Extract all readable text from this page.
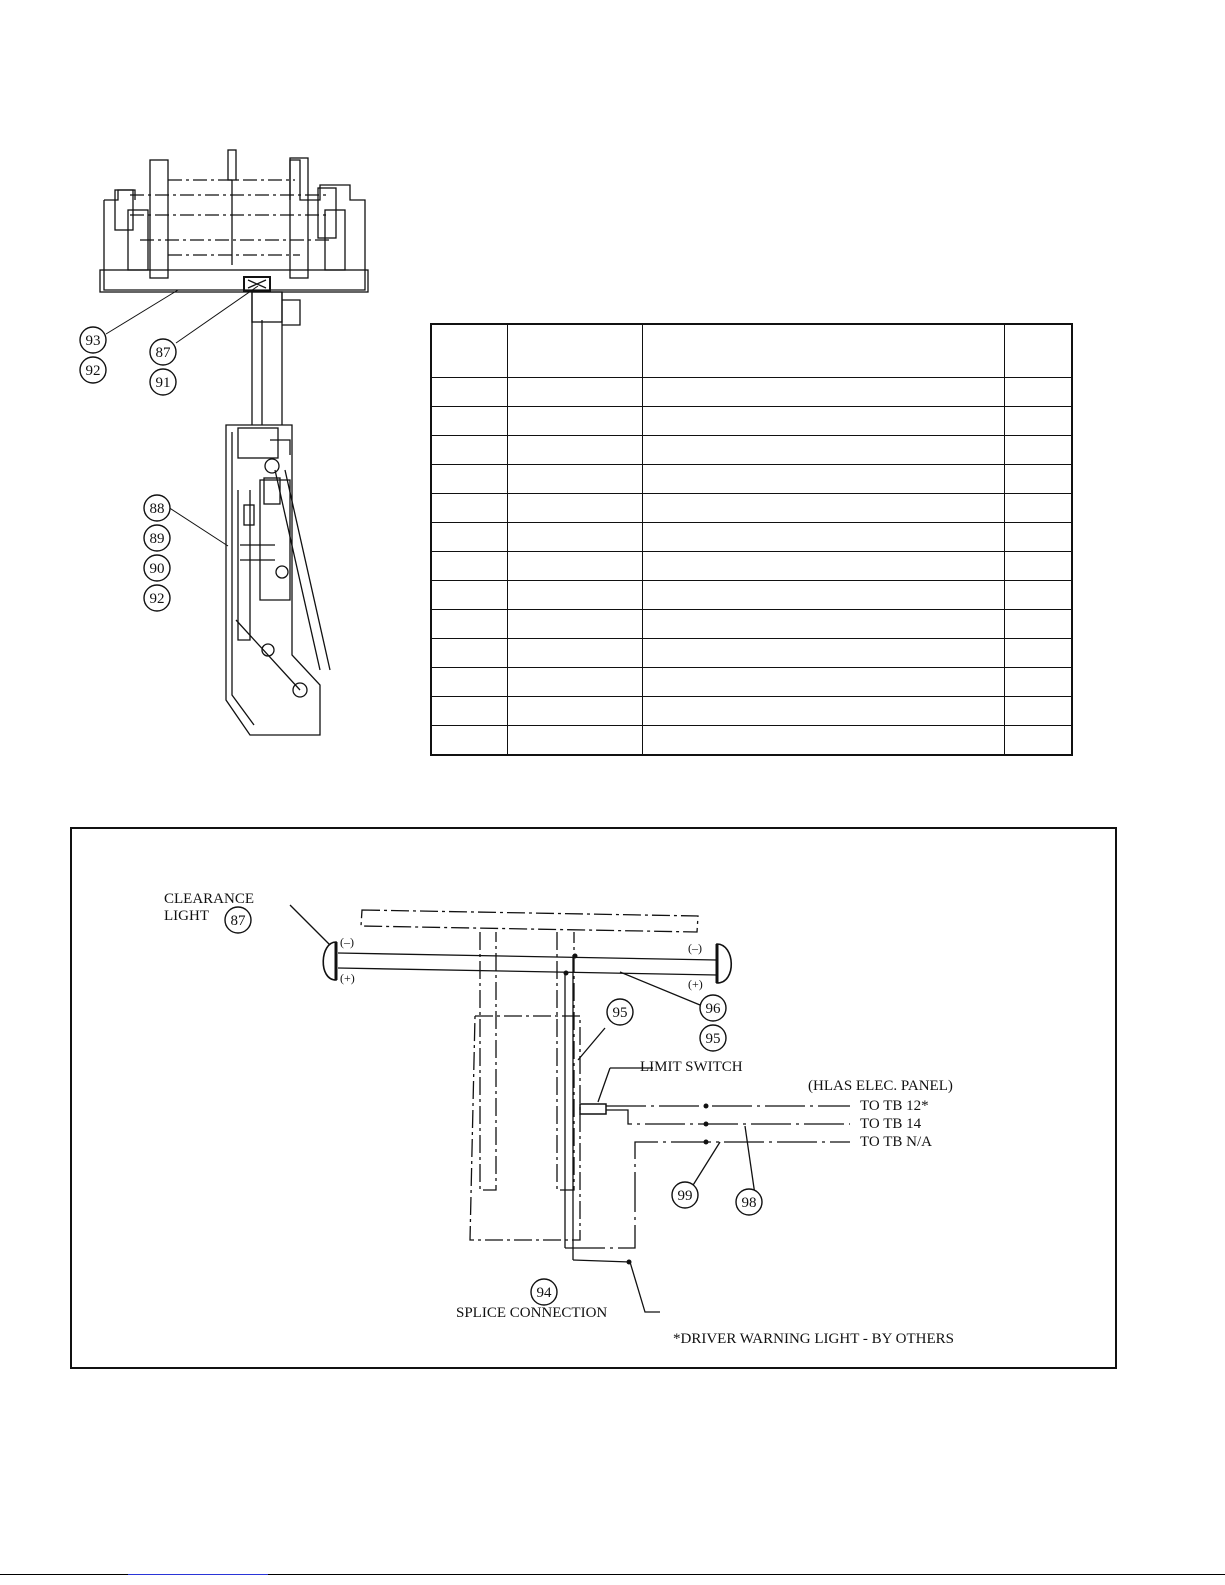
93
92
87
91
88
89
90
92

CLEARANCE
LIGHT 87
(–)
(+)
(–)
(+)
96
95
95
LIMIT SWITCH
(HLAS ELEC. PANEL)
TO TB 12*
TO TB 14
TO TB N/A
99	98
94
SPLICE CONNECTION
*DRIVER WARNING LIGHT - BY OTHERS
